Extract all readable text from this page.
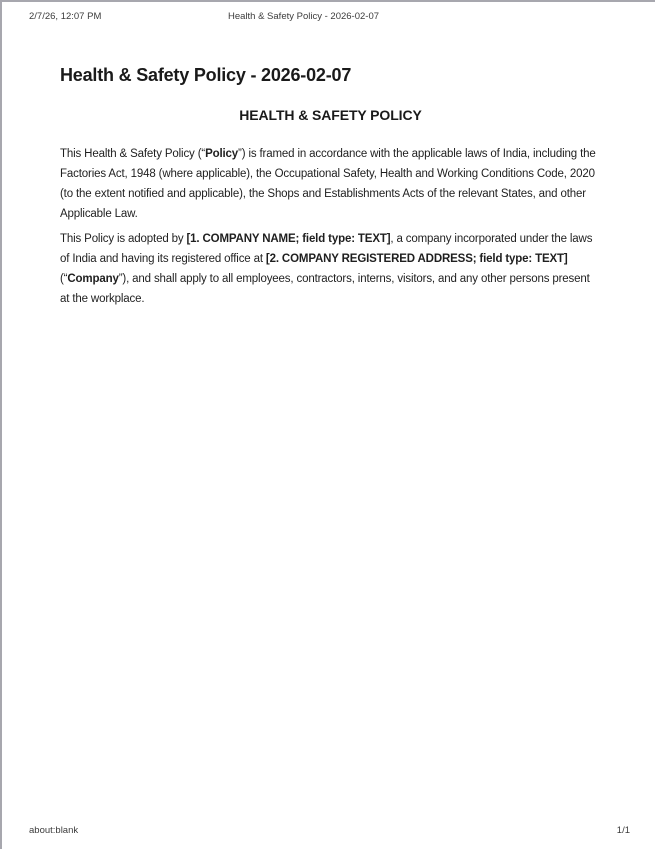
2/7/26, 12:07 PM	Health & Safety Policy - 2026-02-07
Health & Safety Policy - 2026-02-07
HEALTH & SAFETY POLICY

This Health & Safety Policy (“Policy”) is framed in accordance with the applicable laws of India, including the Factories Act, 1948 (where applicable), the Occupational Safety, Health and Working Conditions Code, 2020 (to the extent notified and applicable), the Shops and Establishments Acts of the relevant States, and other Applicable Law.

This Policy is adopted by [1. COMPANY NAME; field type: TEXT], a company incorporated under the laws of India and having its registered office at [2. COMPANY REGISTERED ADDRESS; field type: TEXT] (“Company”), and shall apply to all employees, contractors, interns, visitors, and any other persons present at the workplace.

about:blank	1/1
